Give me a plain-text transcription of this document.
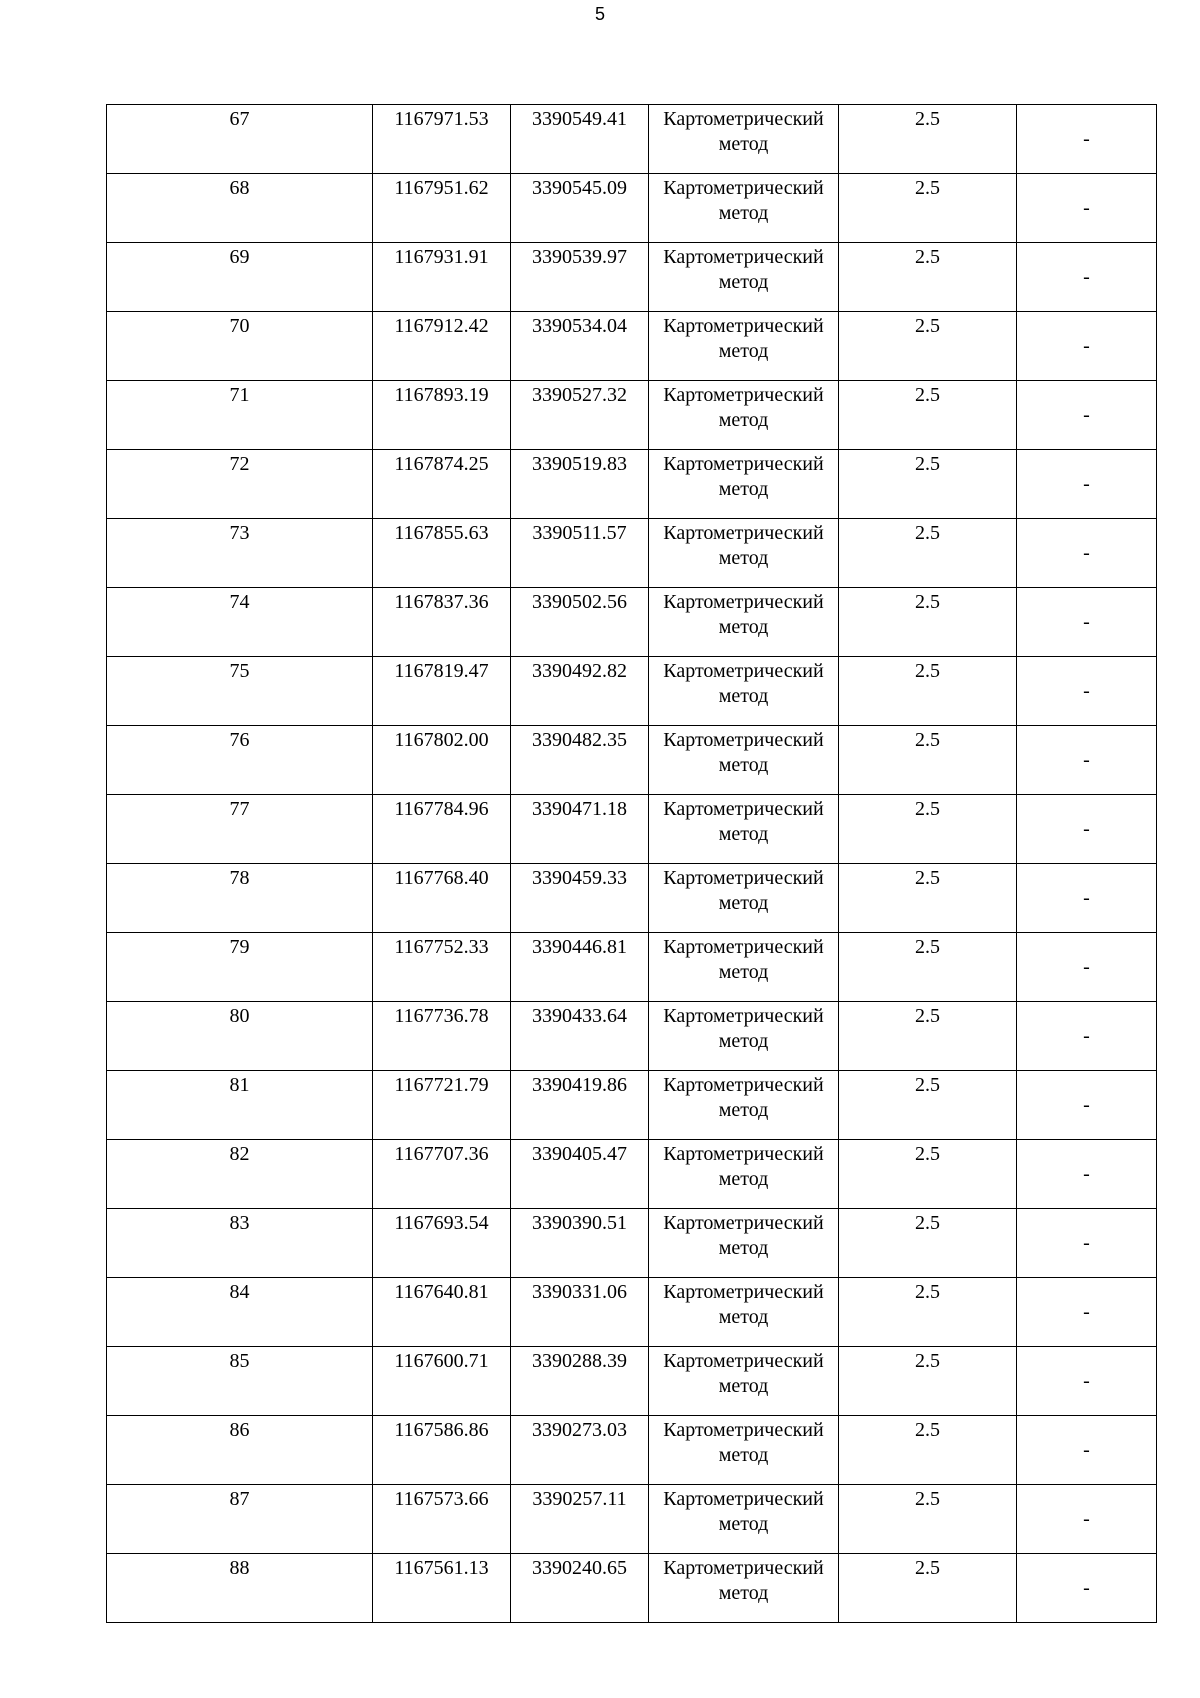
5
67	1167971.53	3390549.41	Картометрический
метод	2.5	-

68	1167951.62	3390545.09	Картометрический
метод	2.5	-

69	1167931.91	3390539.97	Картометрический
метод	2.5	-

70	1167912.42	3390534.04	Картометрический
метод	2.5	-

71	1167893.19	3390527.32	Картометрический
метод	2.5	-

72	1167874.25	3390519.83	Картометрический
метод	2.5	-

73	1167855.63	3390511.57	Картометрический
метод	2.5	-

74	1167837.36	3390502.56	Картометрический
метод	2.5	-

75	1167819.47	3390492.82	Картометрический
метод	2.5	-

76	1167802.00	3390482.35	Картометрический
метод	2.5	-

77	1167784.96	3390471.18	Картометрический
метод	2.5	-

78	1167768.40	3390459.33	Картометрический
метод	2.5	-

79	1167752.33	3390446.81	Картометрический
метод	2.5	-

80	1167736.78	3390433.64	Картометрический
метод	2.5	-

81	1167721.79	3390419.86	Картометрический
метод	2.5	-

82	1167707.36	3390405.47	Картометрический
метод	2.5	-

83	1167693.54	3390390.51	Картометрический
метод	2.5	-

84	1167640.81	3390331.06	Картометрический
метод	2.5	-

85	1167600.71	3390288.39	Картометрический
метод	2.5	-

86	1167586.86	3390273.03	Картометрический
метод	2.5	-

87	1167573.66	3390257.11	Картометрический
метод	2.5	-

88	1167561.13	3390240.65	Картометрический
метод	2.5	-
